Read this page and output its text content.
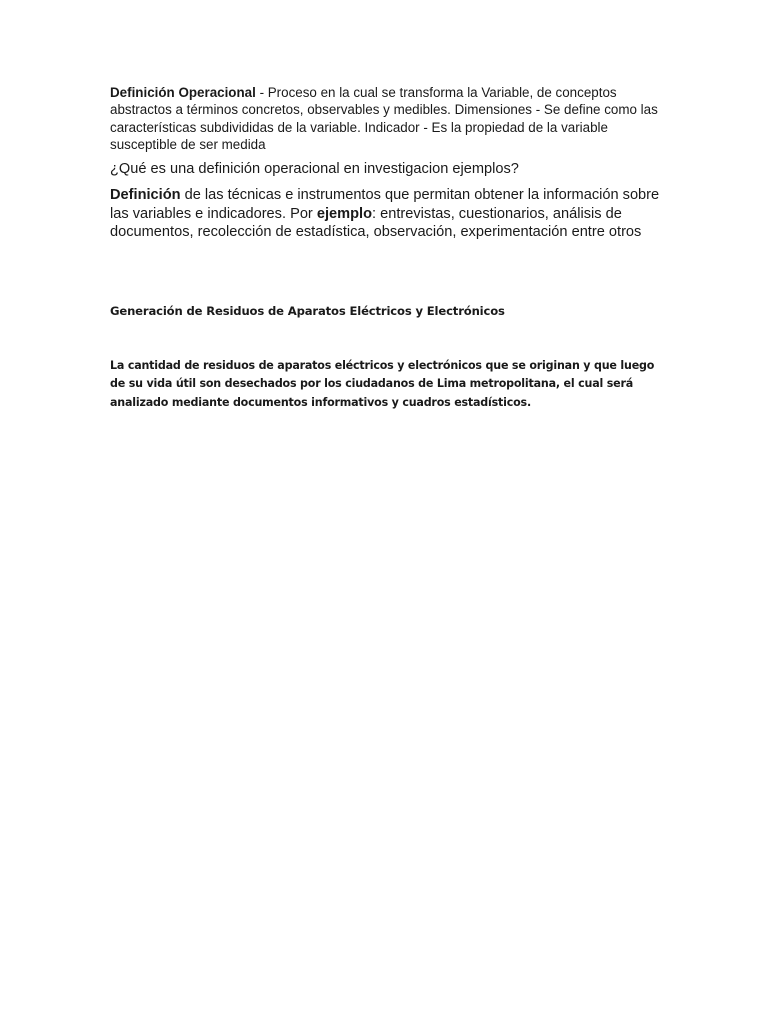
Definición Operacional - Proceso en la cual se transforma la Variable, de conceptos abstractos a términos concretos, observables y medibles. Dimensiones - Se define como las características subdivididas de la variable. Indicador - Es la propiedad de la variable susceptible de ser medida

¿Qué es una definición operacional en investigacion ejemplos?

Definición de las técnicas e instrumentos que permitan obtener la información sobre las variables e indicadores. Por ejemplo: entrevistas, cuestionarios, análisis de documentos, recolección de estadística, observación, experimentación entre otros

Generación de Residuos de Aparatos Eléctricos y Electrónicos

La cantidad de residuos de aparatos eléctricos y electrónicos que se originan y que luego de su vida útil son desechados por los ciudadanos de Lima metropolitana, el cual será analizado mediante documentos informativos y cuadros estadísticos.
